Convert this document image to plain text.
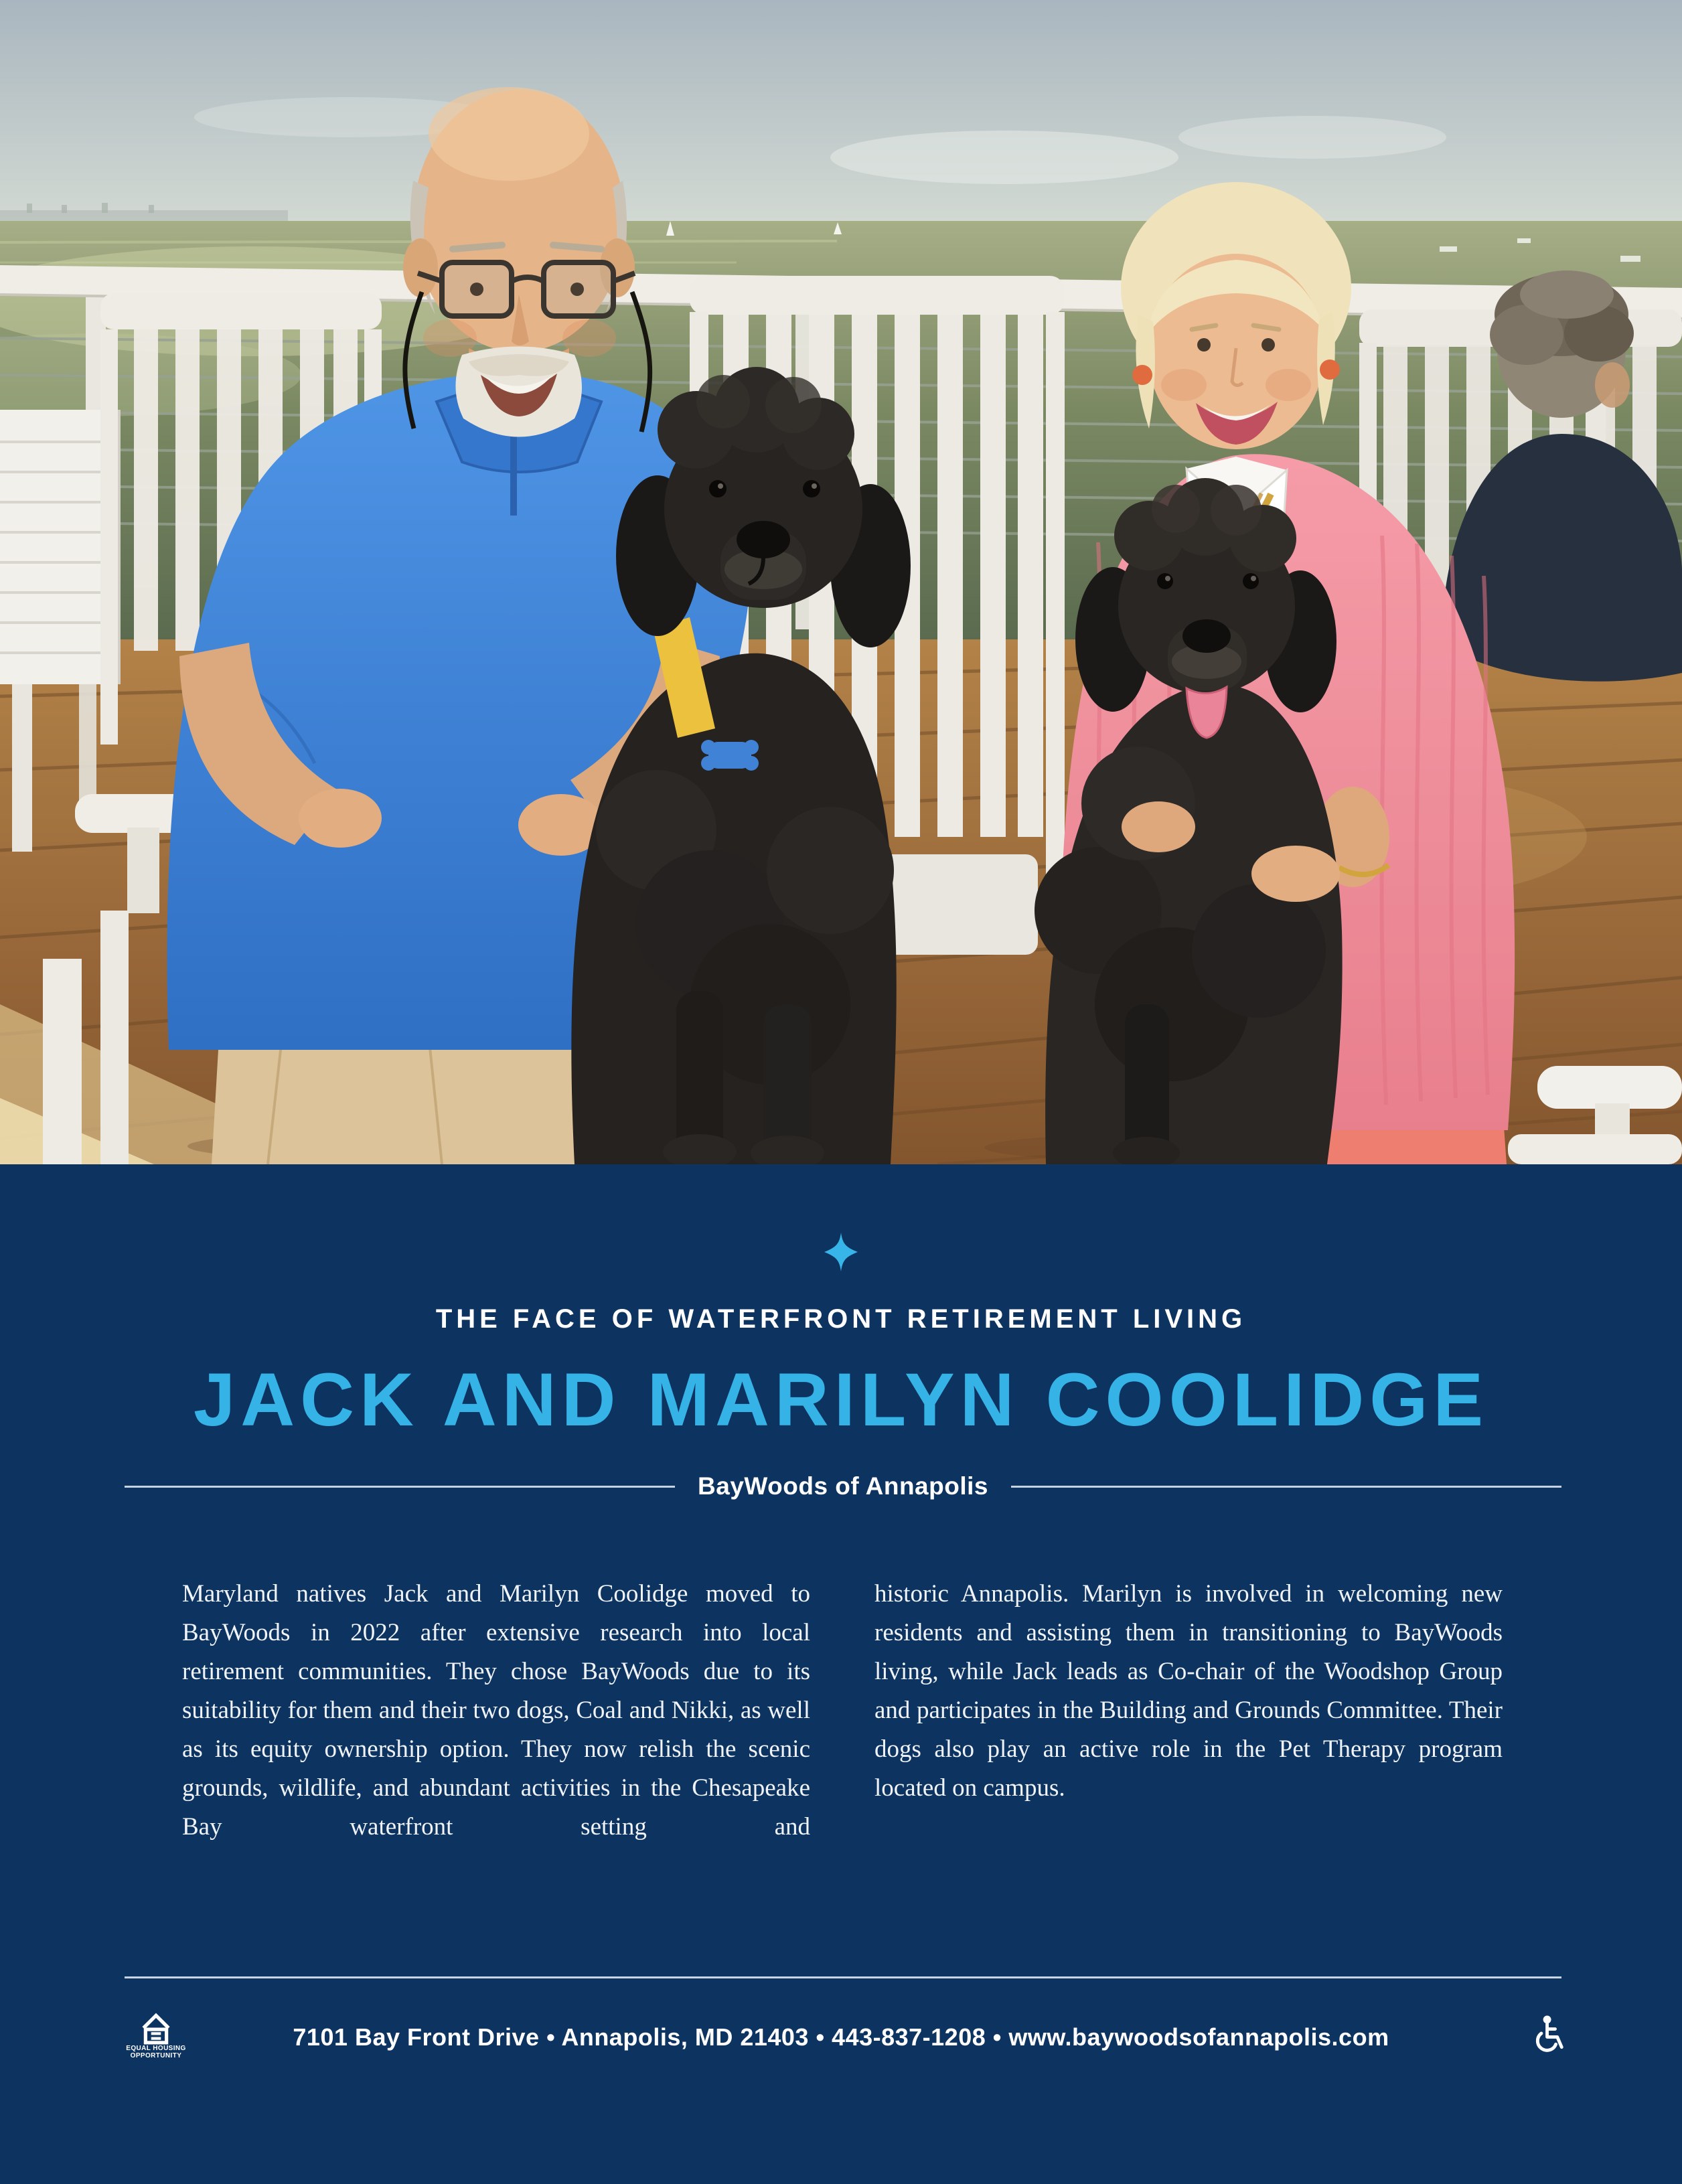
THE FACE OF WATERFRONT RETIREMENT LIVING
JACK AND MARILYN COOLIDGE
BayWoods of Annapolis
Maryland natives Jack and Marilyn Coolidge moved to BayWoods in 2022 after extensive research into local retirement communities. They chose BayWoods due to its suitability for them and their two dogs, Coal and Nikki, as well as its equity ownership option. They now relish the scenic grounds, wildlife, and abundant activities in the Chesapeake Bay waterfront setting and
historic Annapolis. Marilyn is involved in welcoming new residents and assisting them in transitioning to BayWoods living, while Jack leads as Co-chair of the Woodshop Group and participates in the Building and Grounds Committee. Their dogs also play an active role in the Pet Therapy program located on campus.
EQUAL HOUSING
OPPORTUNITY
7101 Bay Front Drive • Annapolis, MD 21403 • 443-837-1208 • www.baywoodsofannapolis.com
